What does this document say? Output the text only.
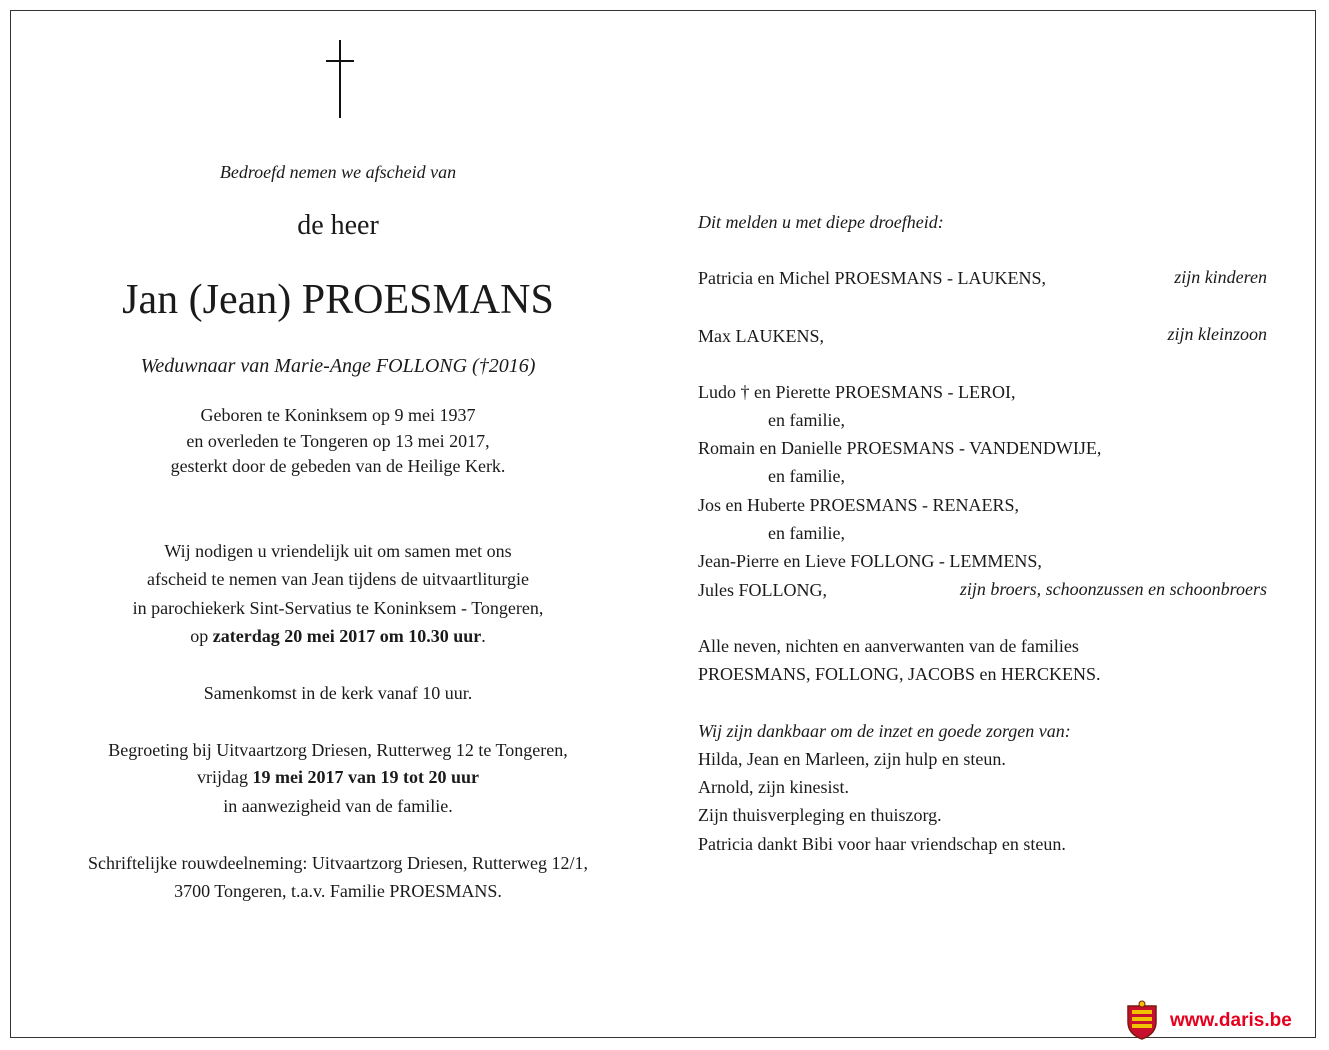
Bedroefd nemen we afscheid van
de heer
Jan (Jean) PROESMANS
Weduwnaar van Marie-Ange FOLLONG (†2016)
Geboren te Koninksem op 9 mei 1937
en overleden te Tongeren op 13 mei 2017,
gesterkt door de gebeden van de Heilige Kerk.
Wij nodigen u vriendelijk uit om samen met ons
afscheid te nemen van Jean tijdens de uitvaartliturgie
in parochiekerk Sint-Servatius te Koninksem - Tongeren,
op zaterdag 20 mei 2017 om 10.30 uur.
Samenkomst in de kerk vanaf 10 uur.
Begroeting bij Uitvaartzorg Driesen, Rutterweg 12 te Tongeren,
vrijdag 19 mei 2017 van 19 tot 20 uur
in aanwezigheid van de familie.
Schriftelijke rouwdeelneming: Uitvaartzorg Driesen, Rutterweg 12/1,
3700 Tongeren, t.a.v. Familie PROESMANS.
Dit melden u met diepe droefheid:
Patricia en Michel PROESMANS - LAUKENS,	zijn kinderen
Max LAUKENS,	zijn kleinzoon
Ludo † en Pierette PROESMANS - LEROI,
en familie,
Romain en Danielle PROESMANS - VANDENDWIJE,
en familie,
Jos en Huberte PROESMANS - RENAERS,
en familie,
Jean-Pierre en Lieve FOLLONG - LEMMENS,
Jules FOLLONG,	zijn broers, schoonzussen en schoonbroers
Alle neven, nichten en aanverwanten van de families
PROESMANS, FOLLONG, JACOBS en HERCKENS.
Wij zijn dankbaar om de inzet en goede zorgen van:
Hilda, Jean en Marleen, zijn hulp en steun.
Arnold, zijn kinesist.
Zijn thuisverpleging en thuiszorg.
Patricia dankt Bibi voor haar vriendschap en steun.
www.daris.be
